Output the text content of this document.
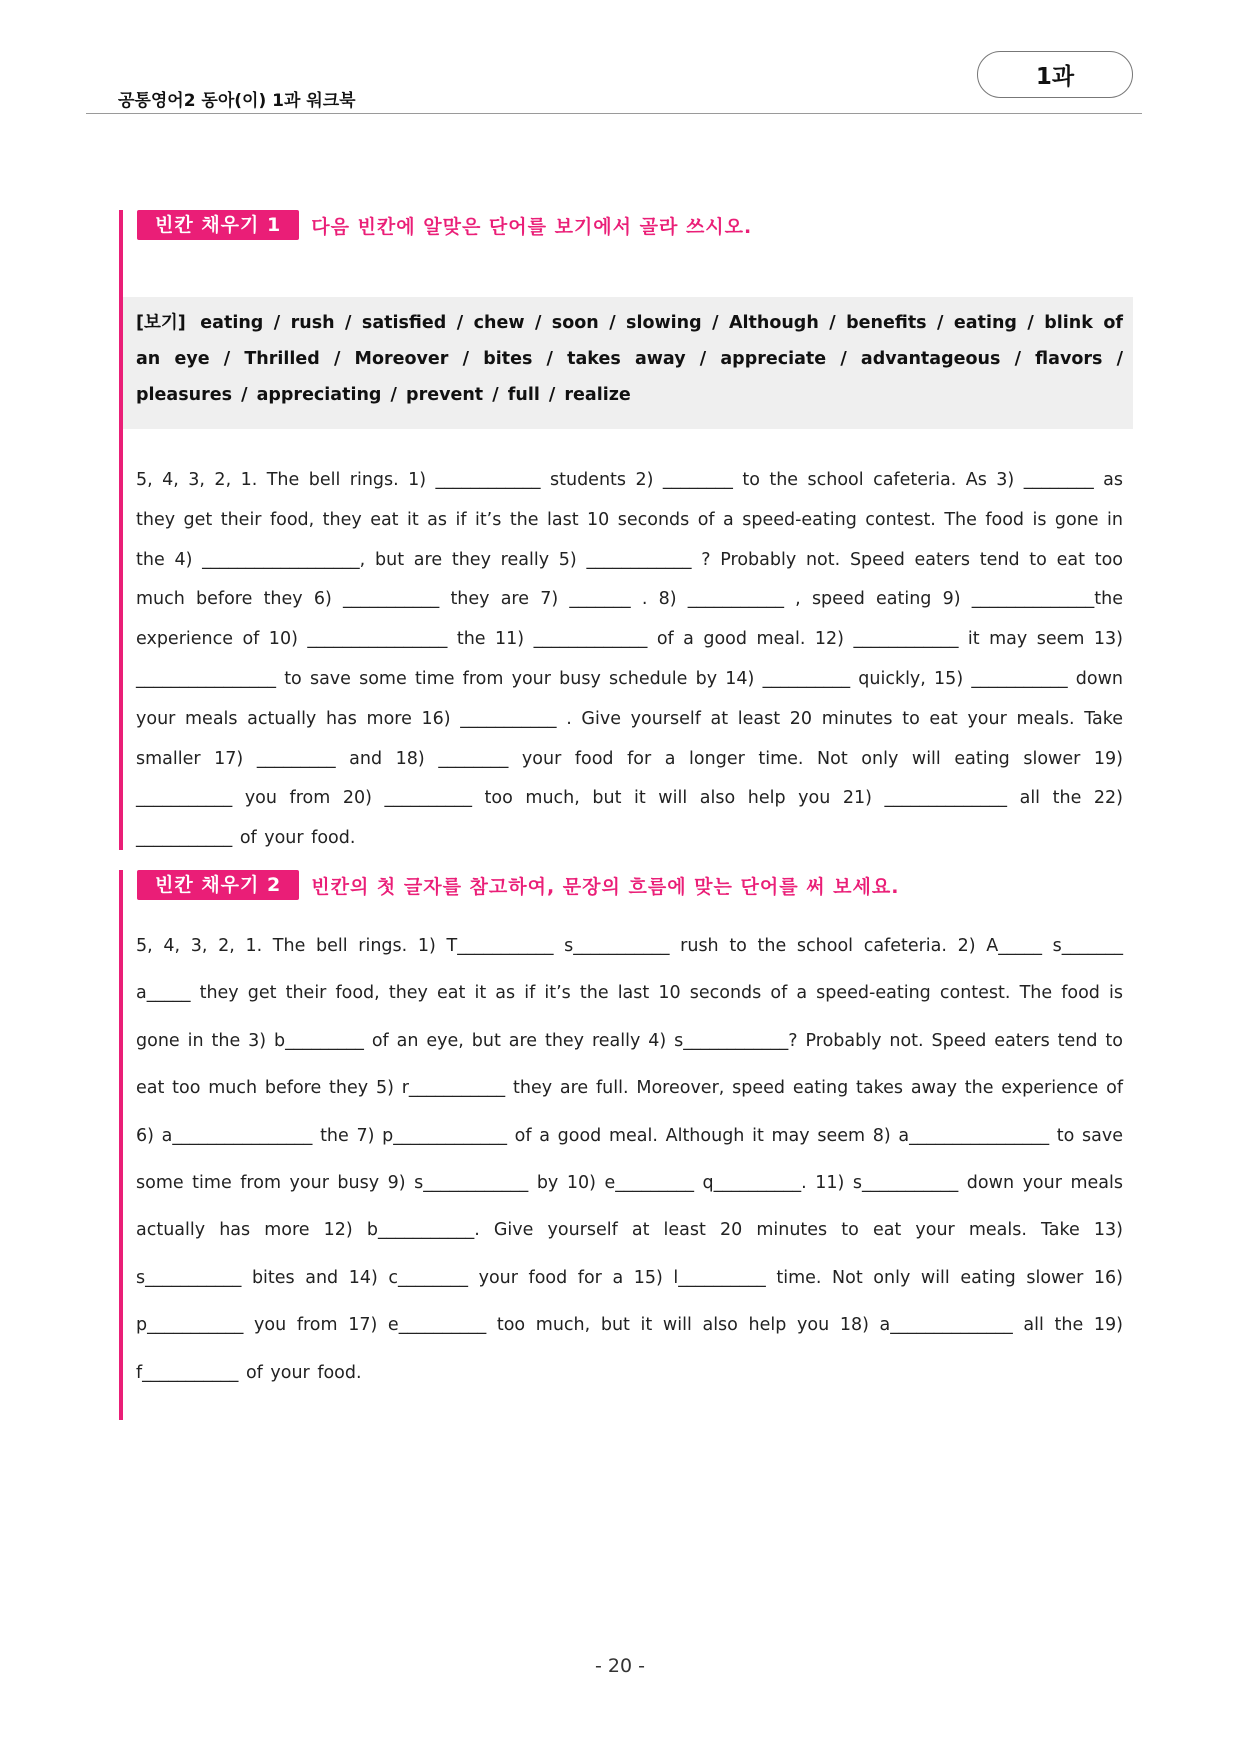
공통영어2 동아(이) 1과 워크북
1과
빈칸 채우기 1	다음 빈칸에 알맞은 단어를 보기에서 골라 쓰시오.

[보기] eating / rush / satisfied / chew / soon / slowing / Although / benefits / eating / blink of an eye / Thrilled / Moreover / bites / takes away / appreciate / advantageous / flavors / pleasures / appreciating / prevent / full / realize

5, 4, 3, 2, 1. The bell rings. 1) ____________ students 2) ________ to the school cafeteria. As 3) ________ as they get their food, they eat it as if it’s the last 10 seconds of a speed-eating contest. The food is gone in the 4) __________________, but are they really 5) ____________ ? Probably not. Speed eaters tend to eat too much before they 6) ___________ they are 7) _______ . 8) ___________ , speed eating 9) ______________the experience of 10) ________________ the 11) _____________ of a good meal. 12) ____________ it may seem 13) ________________ to save some time from your busy schedule by 14) __________ quickly, 15) ___________ down your meals actually has more 16) ___________ . Give yourself at least 20 minutes to eat your meals. Take smaller 17) _________ and 18) ________ your food for a longer time. Not only will eating slower 19) ___________ you from 20) __________ too much, but it will also help you 21) ______________ all the 22) ___________ of your food.

빈칸 채우기 2	빈칸의 첫 글자를 참고하여, 문장의 흐름에 맞는 단어를 써 보세요.

5, 4, 3, 2, 1. The bell rings. 1) T___________ s___________ rush to the school cafeteria. 2) A_____ s_______ a_____ they get their food, they eat it as if it’s the last 10 seconds of a speed-eating contest. The food is gone in the 3) b_________ of an eye, but are they really 4) s____________? Probably not. Speed eaters tend to eat too much before they 5) r___________ they are full. Moreover, speed eating takes away the experience of 6) a________________ the 7) p_____________ of a good meal. Although it may seem 8) a________________ to save some time from your busy 9) s____________ by 10) e_________ q__________. 11) s___________ down your meals actually has more 12) b___________. Give yourself at least 20 minutes to eat your meals. Take 13) s___________ bites and 14) c________ your food for a 15) l__________ time. Not only will eating slower 16) p___________ you from 17) e__________ too much, but it will also help you 18) a______________ all the 19) f___________ of your food.

- 20 -
